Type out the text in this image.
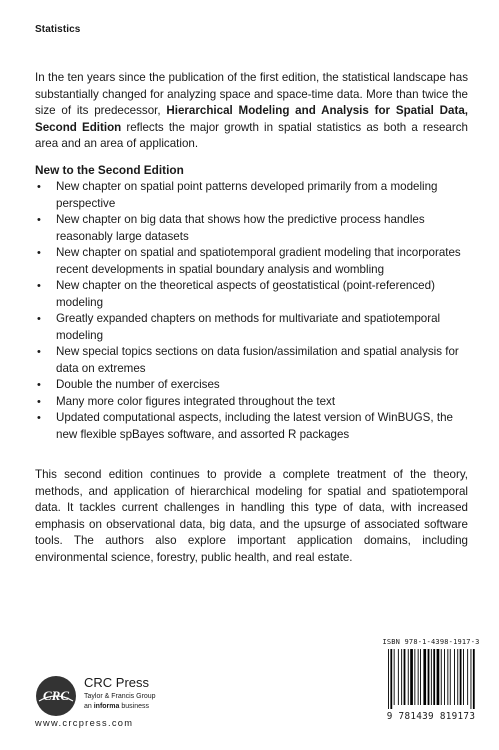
Statistics

In the ten years since the publication of the first edition, the statistical landscape has substantially changed for analyzing space and space-time data. More than twice the size of its predecessor, Hierarchical Modeling and Analysis for Spatial Data, Second Edition reflects the major growth in spatial statistics as both a research area and an area of application.

New to the Second Edition
• New chapter on spatial point patterns developed primarily from a modeling perspective
• New chapter on big data that shows how the predictive process handles reasonably large datasets
• New chapter on spatial and spatiotemporal gradient modeling that incorporates recent developments in spatial boundary analysis and wombling
• New chapter on the theoretical aspects of geostatistical (point-referenced) modeling
• Greatly expanded chapters on methods for multivariate and spatiotemporal modeling
• New special topics sections on data fusion/assimilation and spatial analysis for data on extremes
• Double the number of exercises
• Many more color figures integrated throughout the text
• Updated computational aspects, including the latest version of WinBUGS, the new flexible spBayes software, and assorted R packages

This second edition continues to provide a complete treatment of the theory, methods, and application of hierarchical modeling for spatial and spatiotemporal data. It tackles current challenges in handling this type of data, with increased emphasis on observational data, big data, and the upsurge of associated software tools. The authors also explore important application domains, including environmental science, forestry, public health, and real estate.

CRC
CRC Press
Taylor & Francis Group
an informa business
www.crcpress.com
ISBN 978-1-4398-1917-3
9 781439 819173
